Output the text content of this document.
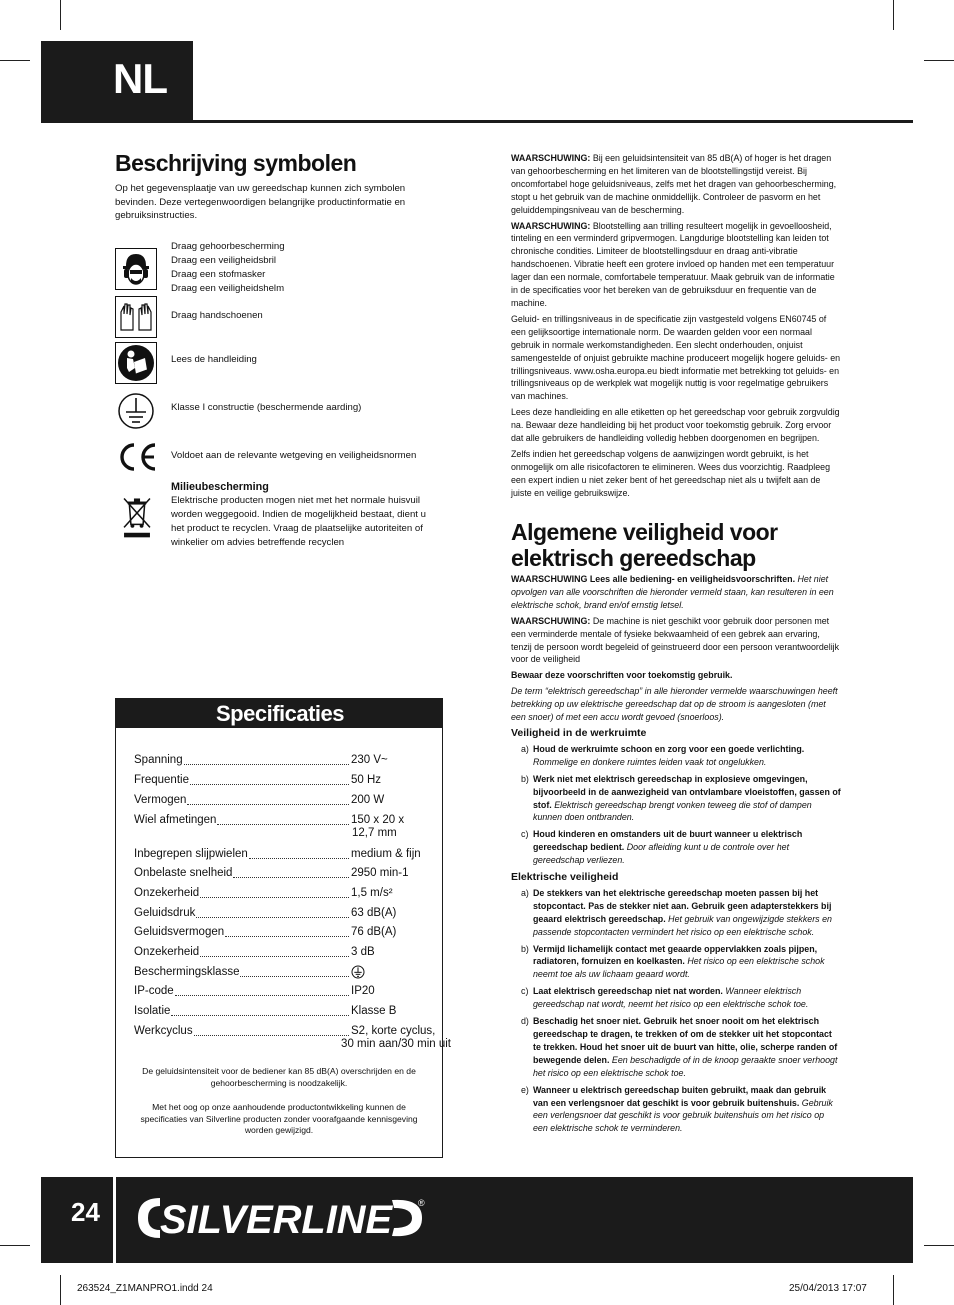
NL
Beschrijving symbolen
Op het gegevensplaatje van uw gereedschap kunnen zich symbolen bevinden. Deze vertegenwoordigen belangrijke productinformatie en gebruiksinstructies.
Draag gehoorbescherming
Draag een veiligheidsbril
Draag een stofmasker
Draag een veiligheidshelm
Draag handschoenen
Lees de handleiding
Klasse I constructie (beschermende aarding)
Voldoet aan de relevante wetgeving en veiligheidsnormen
Milieubescherming
Elektrische producten mogen niet met het normale huisvuil
worden weggegooid. Indien de mogelijkheid bestaat, dient u
het product te recyclen. Vraag de plaatselijke autoriteiten of
winkelier om advies betreffende recyclen
Specificaties
Spanning	230 V~
Frequentie	50 Hz
Vermogen	200 W
Wiel afmetingen	150 x 20 x
12,7 mm
Inbegrepen slijpwielen	medium & fijn
Onbelaste snelheid	2950 min-1
Onzekerheid	1,5 m/s²
Geluidsdruk	63 dB(A)
Geluidsvermogen	76 dB(A)
Onzekerheid	3 dB
Beschermingsklasse
IP-code	IP20
Isolatie	Klasse B
Werkcyclus	S2, korte cyclus,
30 min aan/30 min uit
De geluidsintensiteit voor de bediener kan 85 dB(A) overschrijden en de gehoorbescherming is noodzakelijk.
Met het oog op onze aanhoudende productontwikkeling kunnen de specificaties van Silverline producten zonder voorafgaande kennisgeving worden gewijzigd.

WAARSCHUWING: Bij een geluidsintensiteit van 85 dB(A) of hoger is het dragen van gehoorbescherming en het limiteren van de blootstellingstijd vereist. Bij oncomfortabel hoge geluidsniveaus, zelfs met het dragen van gehoorbescherming, stopt u het gebruik van de machine onmiddellijk. Controleer de pasvorm en het geluiddempingsniveau van de bescherming.

WAARSCHUWING: Blootstelling aan trilling resulteert mogelijk in gevoelloosheid, tinteling en een verminderd gripvermogen. Langdurige blootstelling kan leiden tot chronische condities. Limiteer de blootstellingsduur en draag anti-vibratie handschoenen. Vibratie heeft een grotere invloed op handen met een temperatuur lager dan een normale, comfortabele temperatuur. Maak gebruik van de informatie in de specificaties voor het bereken van de gebruiksduur en frequentie van de machine.

Geluid- en trillingsniveaus in de specificatie zijn vastgesteld volgens EN60745 of een gelijksoortige internationale norm. De waarden gelden voor een normaal gebruik in normale werkomstandigheden. Een slecht onderhouden, onjuist samengestelde of onjuist gebruikte machine produceert mogelijk hogere geluids- en trillingsniveaus. www.osha.europa.eu biedt informatie met betrekking tot geluids- en trillingsniveaus op de werkplek wat mogelijk nuttig is voor regelmatige gebruikers van machines.

Lees deze handleiding en alle etiketten op het gereedschap voor gebruik zorgvuldig na. Bewaar deze handleiding bij het product voor toekomstig gebruik. Zorg ervoor dat alle gebruikers de handleiding volledig hebben doorgenomen en begrijpen.

Zelfs indien het gereedschap volgens de aanwijzingen wordt gebruikt, is het onmogelijk om alle risicofactoren te elimineren. Wees dus voorzichtig. Raadpleeg een expert indien u niet zeker bent of het gereedschap niet als u twijfelt aan de juiste en veilige gebruikswijze.

Algemene veiligheid voor
elektrisch gereedschap

WAARSCHUWING Lees alle bediening- en veiligheidsvoorschriften. Het niet opvolgen van alle voorschriften die hieronder vermeld staan, kan resulteren in een elektrische schok, brand en/of ernstig letsel.

WAARSCHUWING: De machine is niet geschikt voor gebruik door personen met een verminderde mentale of fysieke bekwaamheid of een gebrek aan ervaring, tenzij de persoon wordt begeleid of geinstrueerd door een persoon verantwoordelijk voor de veiligheid

Bewaar deze voorschriften voor toekomstig gebruik.

De term “elektrisch gereedschap” in alle hieronder vermelde waarschuwingen heeft betrekking op uw elektrische gereedschap dat op de stroom is aangesloten (met een snoer) of met een accu wordt gevoed (snoerloos).

Veiligheid in de werkruimte
a) Houd de werkruimte schoon en zorg voor een goede verlichting. Rommelige en donkere ruimtes leiden vaak tot ongelukken.
b) Werk niet met elektrisch gereedschap in explosieve omgevingen, bijvoorbeeld in de aanwezigheid van ontvlambare vloeistoffen, gassen of stof. Elektrisch gereedschap brengt vonken teweeg die stof of dampen kunnen doen ontbranden.
c) Houd kinderen en omstanders uit de buurt wanneer u elektrisch gereedschap bedient. Door afleiding kunt u de controle over het gereedschap verliezen.
Elektrische veiligheid
a) De stekkers van het elektrische gereedschap moeten passen bij het stopcontact. Pas de stekker niet aan. Gebruik geen adapterstekkers bij geaard elektrisch gereedschap. Het gebruik van ongewijzigde stekkers en passende stopcontacten vermindert het risico op een elektrische schok.
b) Vermijd lichamelijk contact met geaarde oppervlakken zoals pijpen, radiatoren, fornuizen en koelkasten. Het risico op een elektrische schok neemt toe als uw lichaam geaard wordt.
c) Laat elektrisch gereedschap niet nat worden. Wanneer elektrisch gereedschap nat wordt, neemt het risico op een elektrische schok toe.
d) Beschadig het snoer niet. Gebruik het snoer nooit om het elektrisch gereedschap te dragen, te trekken of om de stekker uit het stopcontact te trekken. Houd het snoer uit de buurt van hitte, olie, scherpe randen of bewegende delen. Een beschadigde of in de knoop geraakte snoer verhoogt het risico op een elektrische schok toe.
e) Wanneer u elektrisch gereedschap buiten gebruikt, maak dan gebruik van een verlengsnoer dat geschikt is voor gebruik buitenshuis. Gebruik een verlengsnoer dat geschikt is voor gebruik buitenshuis om het risico op een elektrische schok te verminderen.
24 SILVERLINE	®
263524_Z1MANPRO1.indd 24	25/04/2013 17:07
